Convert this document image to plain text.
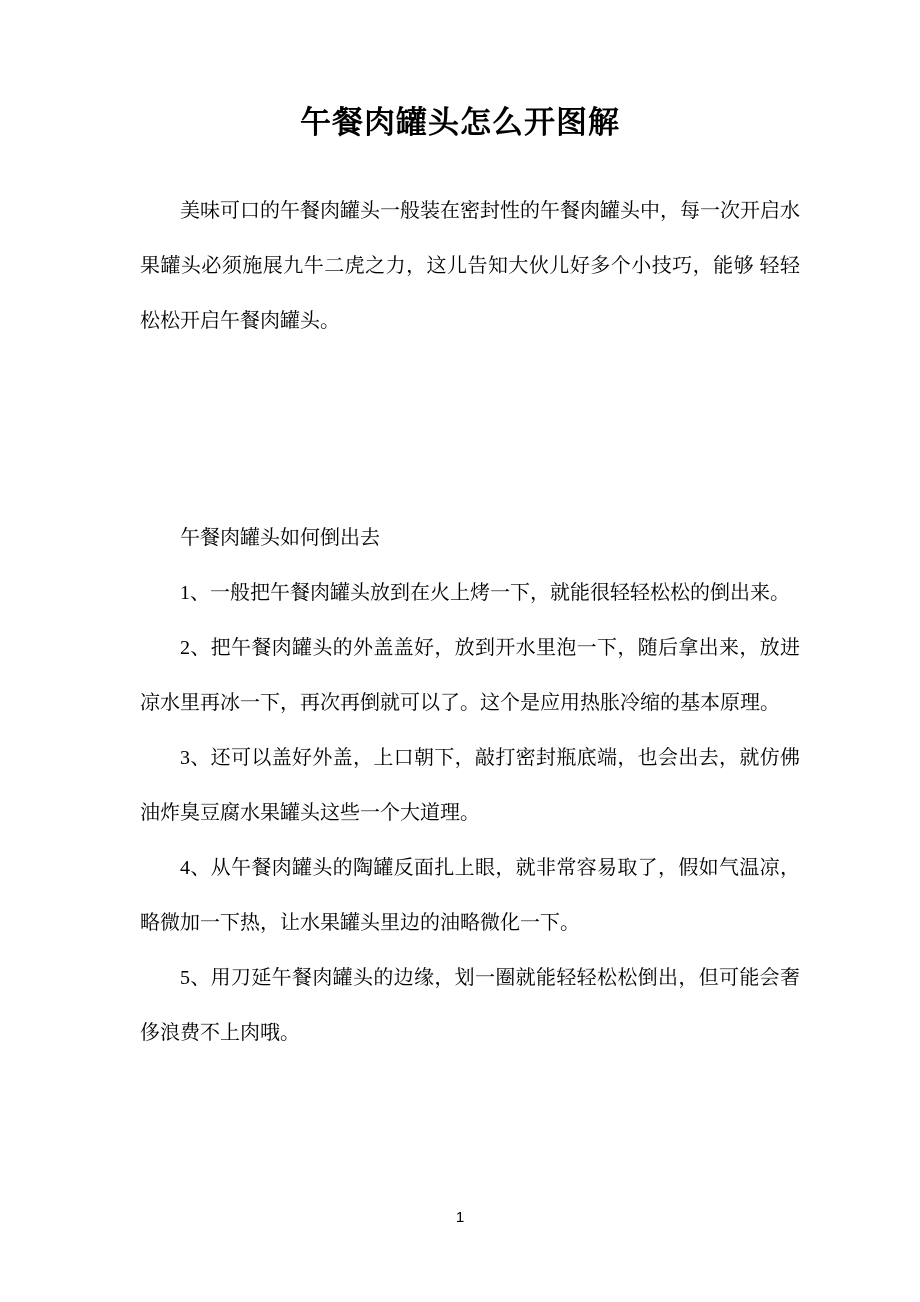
午餐肉罐头怎么开图解

美味可口的午餐肉罐头一般装在密封性的午餐肉罐头中，每一次开启水果罐头必须施展九牛二虎之力，这儿告知大伙儿好多个小技巧，能够 轻轻松松开启午餐肉罐头。

午餐肉罐头如何倒出去

1、一般把午餐肉罐头放到在火上烤一下，就能很轻轻松松的倒出来。

2、把午餐肉罐头的外盖盖好，放到开水里泡一下，随后拿出来，放进凉水里再冰一下，再次再倒就可以了。这个是应用热胀冷缩的基本原理。

3、还可以盖好外盖，上口朝下，敲打密封瓶底端，也会出去，就仿佛油炸臭豆腐水果罐头这些一个大道理。

4、从午餐肉罐头的陶罐反面扎上眼，就非常容易取了，假如气温凉，略微加一下热，让水果罐头里边的油略微化一下。

5、用刀延午餐肉罐头的边缘，划一圈就能轻轻松松倒出，但可能会奢侈浪费不上肉哦。

1
